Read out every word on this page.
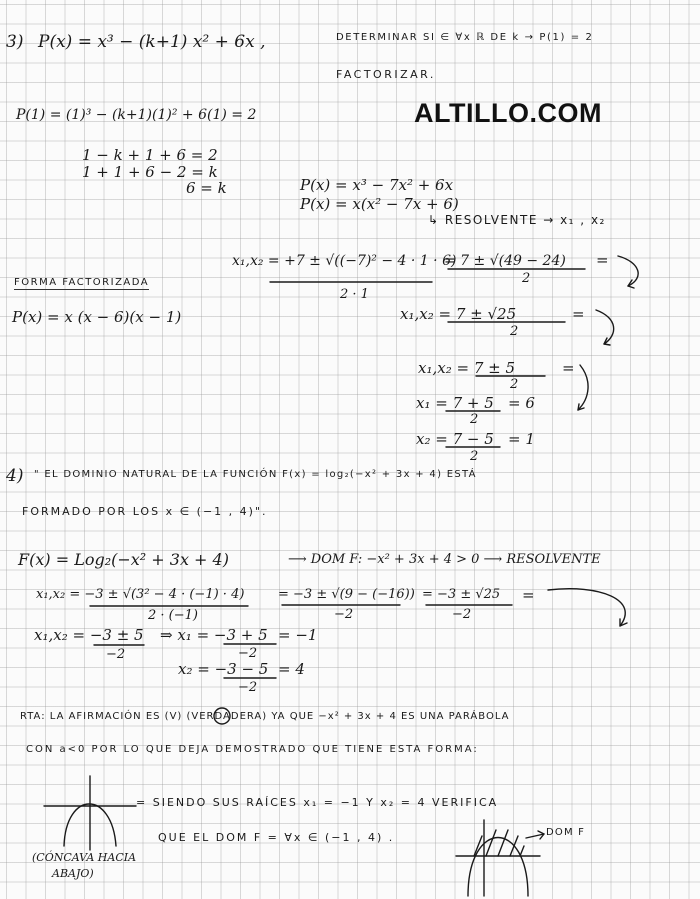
ALTILLO.COM
3) P(x) = x³ − (k+1) x² + 6x ,	DETERMINAR SI ∈ ∀x ℝ DE k → P(1) = 2
FACTORIZAR.
P(1) = (1)³ − (k+1)(1)² + 6(1) = 2
1 − k + 1 + 6 = 2
1 + 1 + 6 − 2 = k
6 = k	P(x) = x³ − 7x² + 6x
P(x) = x(x² − 7x + 6)
↳ RESOLVENTE → x₁ , x₂
x₁,x₂ = +7 ± √((−7)² − 4 · 1 · 6)
2 · 1
= 7 ± √(49 − 24)
2
=
x₁,x₂ = 7 ± √25
2
=
x₁,x₂ = 7 ± 5
2
=
x₁ = 7 + 5
2
= 6
x₂ = 7 − 5
2
= 1
FORMA FACTORIZADA
P(x) = x (x − 6)(x − 1)
4) " EL DOMINIO NATURAL DE LA FUNCIÓN F(x) = log₂(−x² + 3x + 4) ESTÁ
FORMADO POR LOS x ∈ (−1 , 4)".
F(x) = Log₂(−x² + 3x + 4)	⟶ DOM F: −x² + 3x + 4 > 0 ⟶ RESOLVENTE
x₁,x₂ = −3 ± √(3² − 4 · (−1) · 4)
2 · (−1)
= −3 ± √(9 − (−16))
−2
= −3 ± √25
−2
=
x₁,x₂ = −3 ± 5
−2
⇒ x₁ = −3 + 5
−2
= −1
x₂ = −3 − 5
−2
= 4
RTA: LA AFIRMACIÓN ES (V) (VERDADERA) YA QUE −x² + 3x + 4 ES UNA PARÁBOLA
CON a<0 POR LO QUE DEJA DEMOSTRADO QUE TIENE ESTA FORMA:
= SIENDO SUS RAÍCES x₁ = −1 Y x₂ = 4 VERIFICA
QUE EL DOM F = ∀x ∈ (−1 , 4) .
(CÓNCAVA HACIA
ABAJO)
DOM F
